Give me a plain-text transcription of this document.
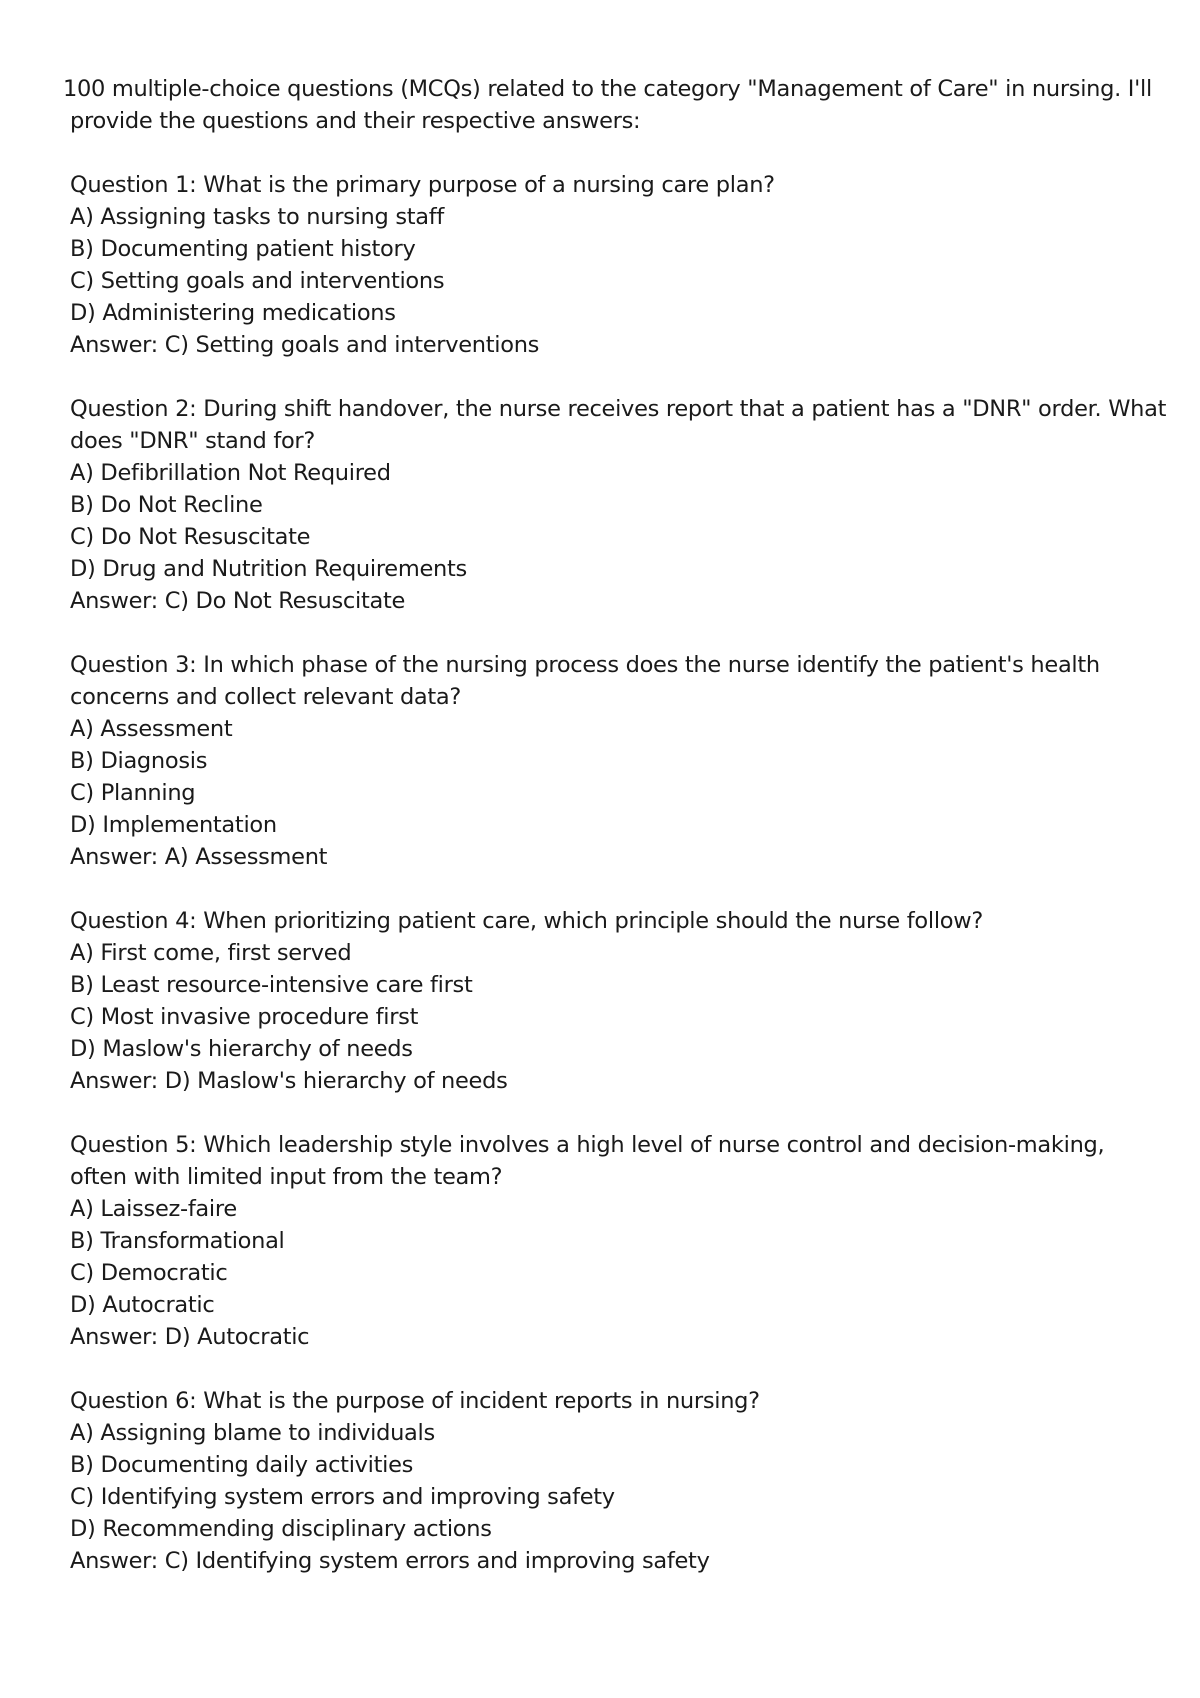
100 multiple-choice questions (MCQs) related to the category "Management of Care" in nursing. I'll
provide the questions and their respective answers:
Question 1: What is the primary purpose of a nursing care plan?
A) Assigning tasks to nursing staff
B) Documenting patient history
C) Setting goals and interventions
D) Administering medications
Answer: C) Setting goals and interventions
Question 2: During shift handover, the nurse receives report that a patient has a "DNR" order. What
does "DNR" stand for?
A) Defibrillation Not Required
B) Do Not Recline
C) Do Not Resuscitate
D) Drug and Nutrition Requirements
Answer: C) Do Not Resuscitate
Question 3: In which phase of the nursing process does the nurse identify the patient's health
concerns and collect relevant data?
A) Assessment
B) Diagnosis
C) Planning
D) Implementation
Answer: A) Assessment
Question 4: When prioritizing patient care, which principle should the nurse follow?
A) First come, first served
B) Least resource-intensive care first
C) Most invasive procedure first
D) Maslow's hierarchy of needs
Answer: D) Maslow's hierarchy of needs
Question 5: Which leadership style involves a high level of nurse control and decision-making,
often with limited input from the team?
A) Laissez-faire
B) Transformational
C) Democratic
D) Autocratic
Answer: D) Autocratic
Question 6: What is the purpose of incident reports in nursing?
A) Assigning blame to individuals
B) Documenting daily activities
C) Identifying system errors and improving safety
D) Recommending disciplinary actions
Answer: C) Identifying system errors and improving safety
